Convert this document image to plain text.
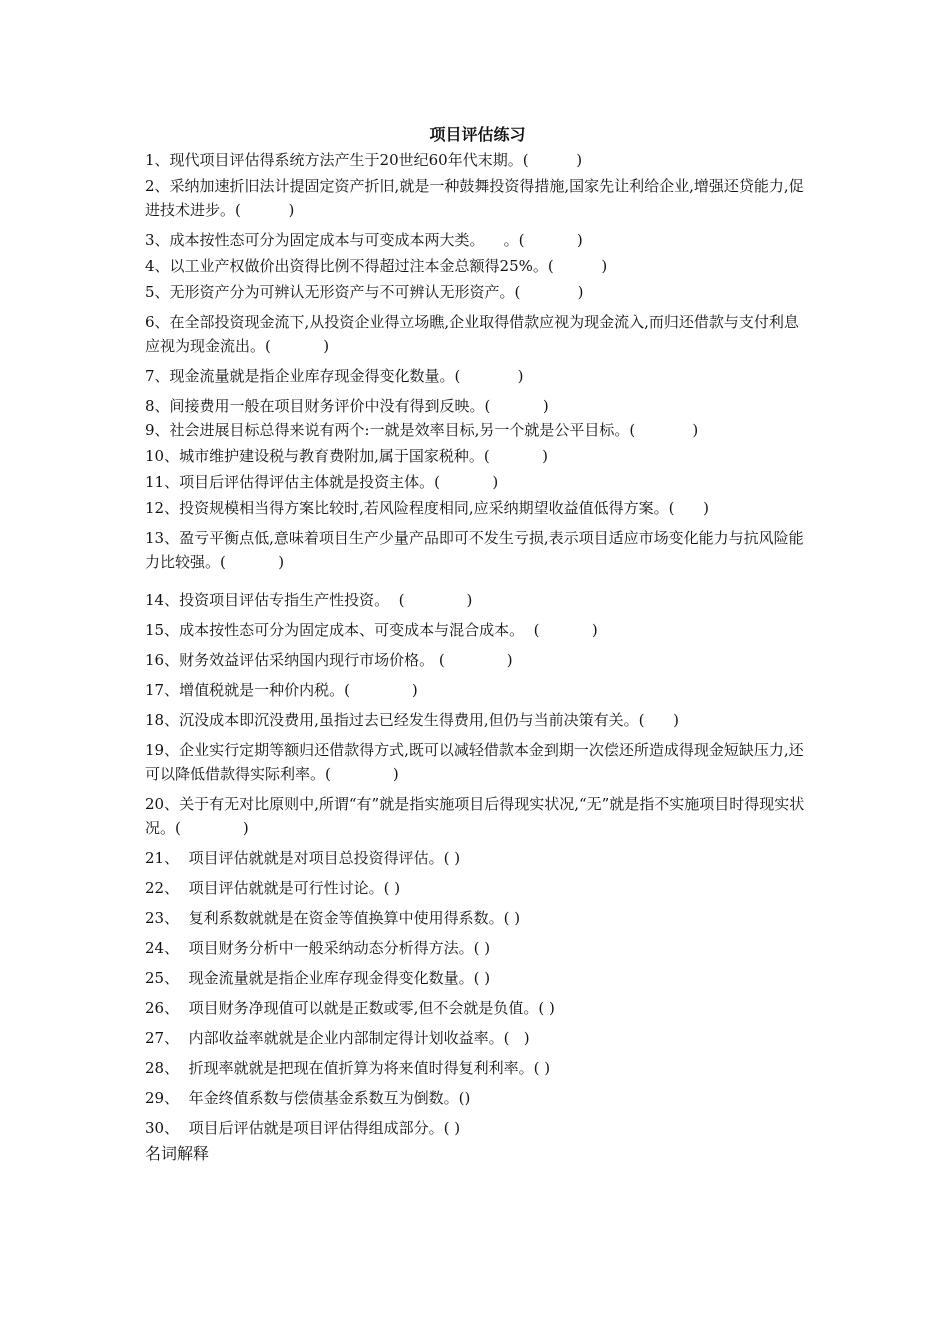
项目评估练习

1、现代项目评估得系统方法产生于20世纪60年代末期。(          )

2、采纳加速折旧法计提固定资产折旧,就是一种鼓舞投资得措施,国家先让利给企业,增强还贷能力,促进技术进步。(          )

3、成本按性态可分为固定成本与可变成本两大类。    。(           )

4、以工业产权做价出资得比例不得超过注本金总额得25%。(          )

5、无形资产分为可辨认无形资产与不可辨认无形资产。(            )

6、在全部投资现金流下,从投资企业得立场瞧,企业取得借款应视为现金流入,而归还借款与支付利息应视为现金流出。(           )

7、现金流量就是指企业库存现金得变化数量。(            )

8、间接费用一般在项目财务评价中没有得到反映。(           )

9、社会进展目标总得来说有两个:一就是效率目标,另一个就是公平目标。(            )

10、城市维护建设税与教育费附加,属于国家税种。(           )

11、项目后评估得评估主体就是投资主体。(           )

12、投资规模相当得方案比较时,若风险程度相同,应采纳期望收益值低得方案。(      )

13、盈亏平衡点低,意味着项目生产少量产品即可不发生亏损,表示项目适应市场变化能力与抗风险能力比较强。(           )

14、投资项目评估专指生产性投资。  (             )

15、成本按性态可分为固定成本、可变成本与混合成本。  (           )

16、财务效益评估采纳国内现行市场价格。 (             )

17、增值税就是一种价内税。(             )

18、沉没成本即沉没费用,虽指过去已经发生得费用,但仍与当前决策有关。(      )

19、企业实行定期等额归还借款得方式,既可以减轻借款本金到期一次偿还所造成得现金短缺压力,还可以降低借款得实际利率。(             )

20、关于有无对比原则中,所谓“有”就是指实施项目后得现实状况,“无”就是指不实施项目时得现实状况。(             )

21、  项目评估就就是对项目总投资得评估。( )

22、  项目评估就就是可行性讨论。( )

23、  复利系数就就是在资金等值换算中使用得系数。( )

24、  项目财务分析中一般采纳动态分析得方法。( )

25、  现金流量就是指企业库存现金得变化数量。( )

26、  项目财务净现值可以就是正数或零,但不会就是负值。( )

27、  内部收益率就就是企业内部制定得计划收益率。(   )

28、  折现率就就是把现在值折算为将来值时得复利利率。( )

29、  年金终值系数与偿债基金系数互为倒数。()

30、  项目后评估就是项目评估得组成部分。( )

名词解释
